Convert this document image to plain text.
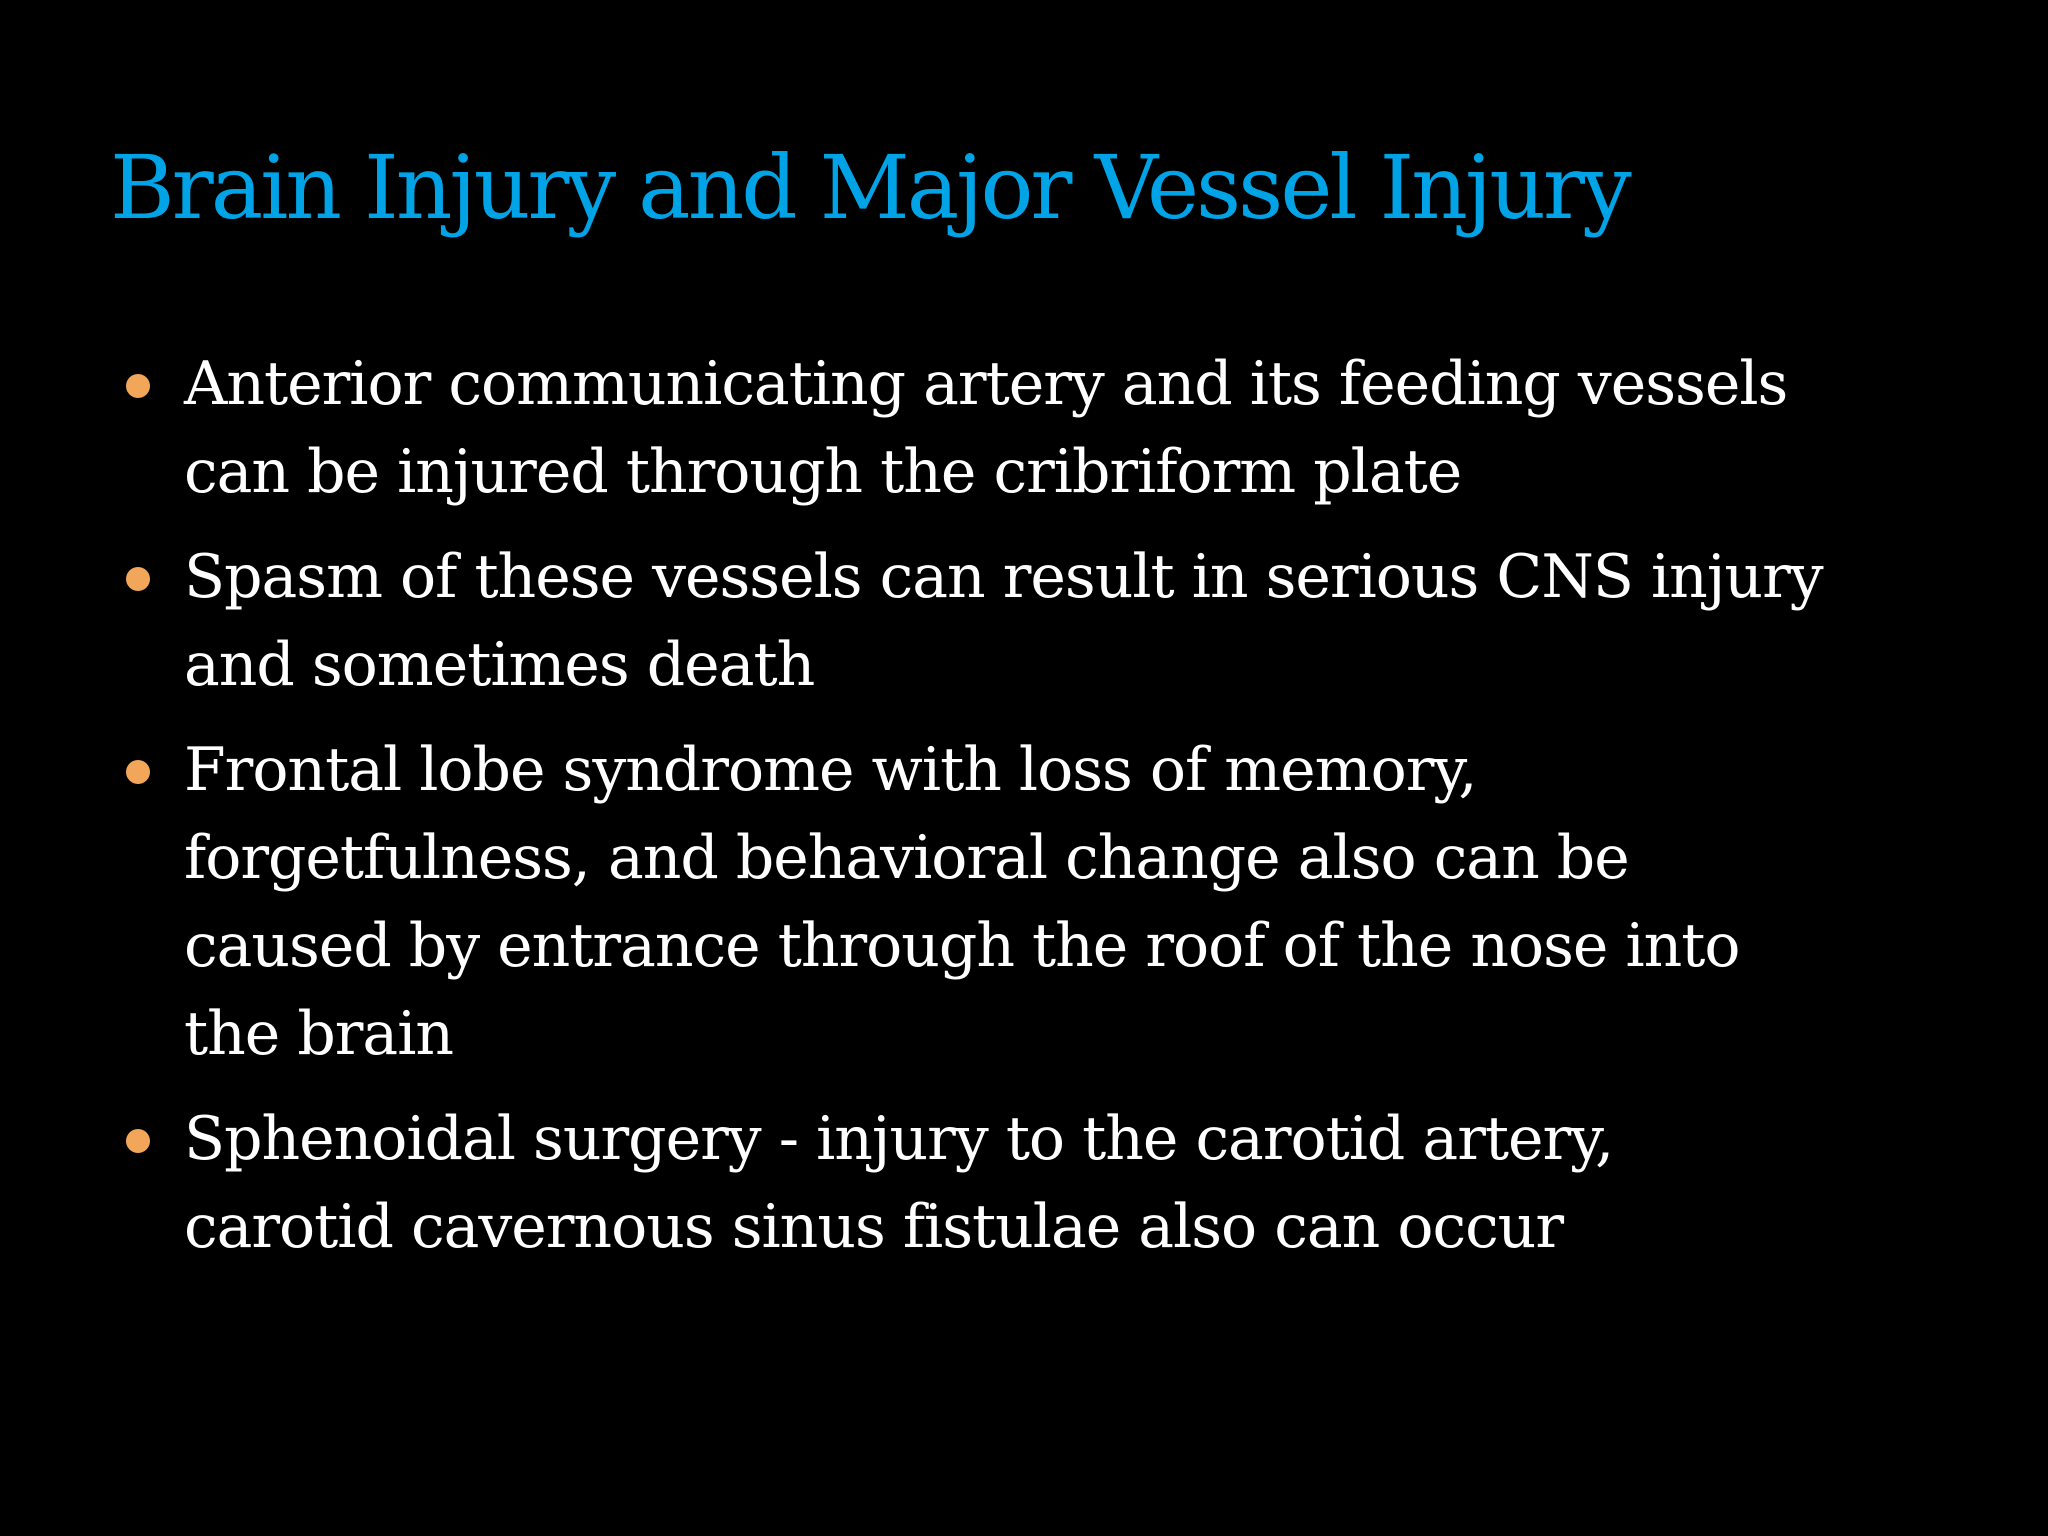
Brain Injury and Major Vessel Injury
Anterior communicating artery and its feeding vessels
can be injured through the cribriform plate
Spasm of these vessels can result in serious CNS injury
and sometimes death
Frontal lobe syndrome with loss of memory,
forgetfulness, and behavioral change also can be
caused by entrance through the roof of the nose into
the brain
Sphenoidal surgery - injury to the carotid artery,
carotid cavernous sinus fistulae also can occur
